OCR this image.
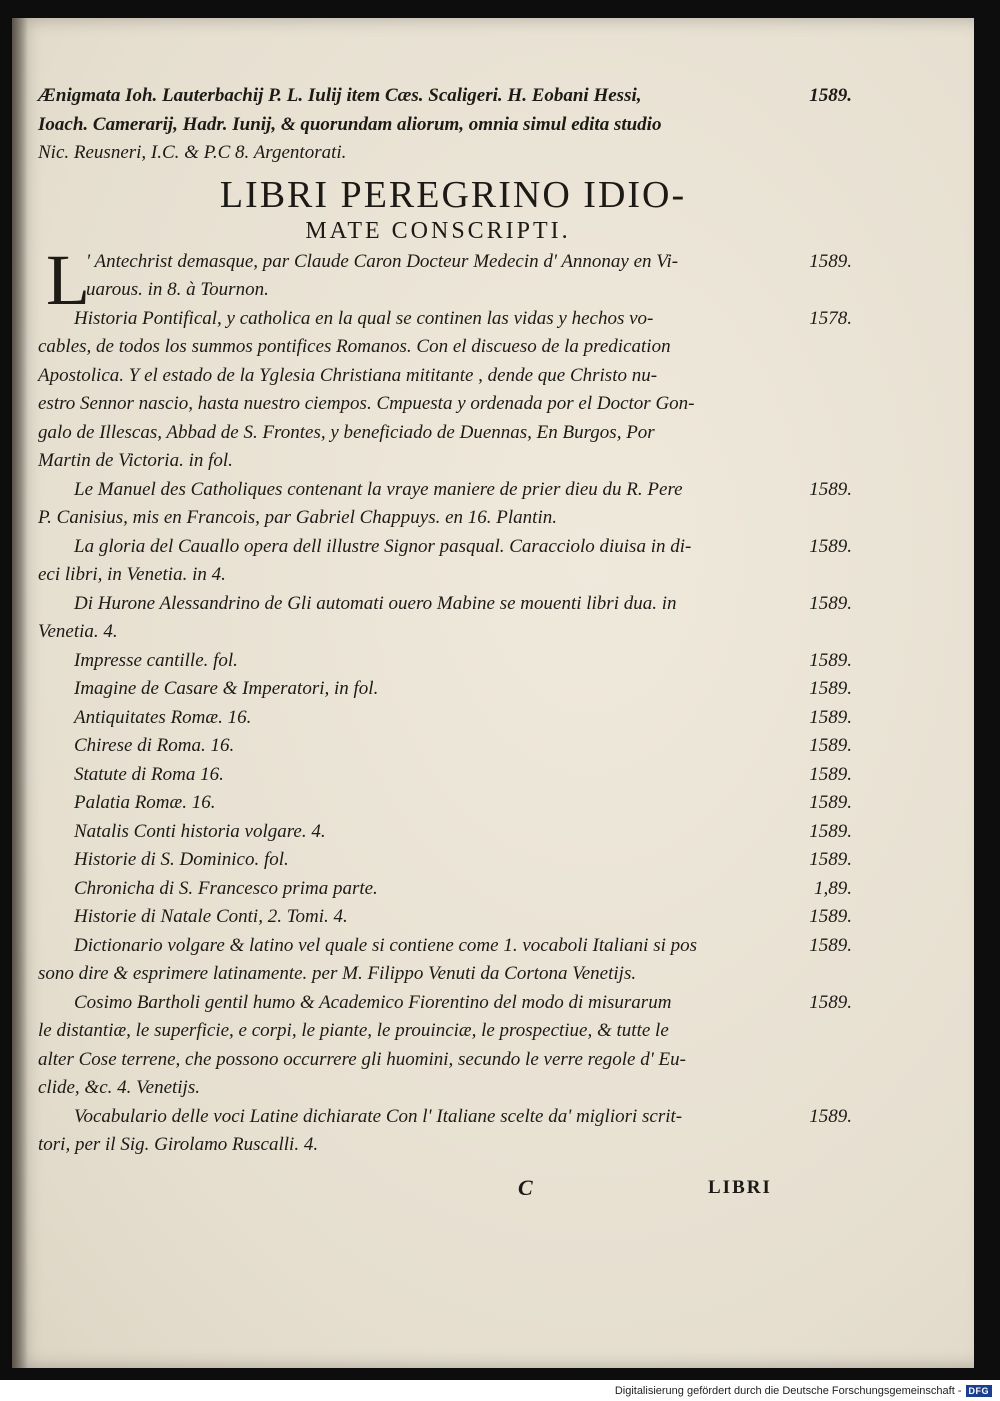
Ænigmata Ioh. Lauterbachij P. L. Iulij item Cæs. Scaligeri. H. Eobani Hessi,	1589.
Ioach. Camerarij, Hadr. Iunij, & quorundam aliorum, omnia simul edita studio
Nic. Reusneri, I.C. & P.C 8. Argentorati.
LIBRI PEREGRINO IDIO-
MATE CONSCRIPTI.
L
' Antechrist demasque, par Claude Caron Docteur Medecin d' Annonay en Vi-	1589.
uarous. in 8. à Tournon.
Historia Pontifical, y catholica en la qual se continen las vidas y hechos vo-	1578.
cables, de todos los summos pontifices Romanos. Con el discueso de la predication
Apostolica. Y el estado de la Yglesia Christiana mititante , dende que Christo nu-
estro Sennor nascio, hasta nuestro ciempos. Cmpuesta y ordenada por el Doctor Gon-
galo de Illescas, Abbad de S. Frontes, y beneficiado de Duennas, En Burgos, Por
Martin de Victoria. in fol.
Le Manuel des Catholiques contenant la vraye maniere de prier dieu du R. Pere	1589.
P. Canisius, mis en Francois, par Gabriel Chappuys. en 16. Plantin.
La gloria del Cauallo opera dell illustre Signor pasqual. Caracciolo diuisa in di-	1589.
eci libri, in Venetia. in 4.
Di Hurone Alessandrino de Gli automati ouero Mabine se mouenti libri dua. in	1589.
Venetia. 4.
Impresse cantille. fol.	1589.
Imagine de Casare & Imperatori, in fol.	1589.
Antiquitates Romæ. 16.	1589.
Chirese di Roma. 16.	1589.
Statute di Roma 16.	1589.
Palatia Romæ. 16.	1589.
Natalis Conti historia volgare. 4.	1589.
Historie di S. Dominico. fol.	1589.
Chronicha di S. Francesco prima parte.	1,89.
Historie di Natale Conti, 2. Tomi. 4.	1589.
Dictionario volgare & latino vel quale si contiene come 1. vocaboli Italiani si pos	1589.
sono dire & esprimere latinamente. per M. Filippo Venuti da Cortona Venetijs.
Cosimo Bartholi gentil humo & Academico Fiorentino del modo di misurarum	1589.
le distantiæ, le superficie, e corpi, le piante, le prouinciæ, le prospectiue, & tutte le
alter Cose terrene, che possono occurrere gli huomini, secundo le verre regole d' Eu-
clide, &c. 4. Venetijs.
Vocabulario delle voci Latine dichiarate Con l' Italiane scelte da' migliori scrit-	1589.
tori, per il Sig. Girolamo Ruscalli. 4.
C	LIBRI
Digitalisierung gefördert durch die Deutsche Forschungsgemeinschaft - DFG
